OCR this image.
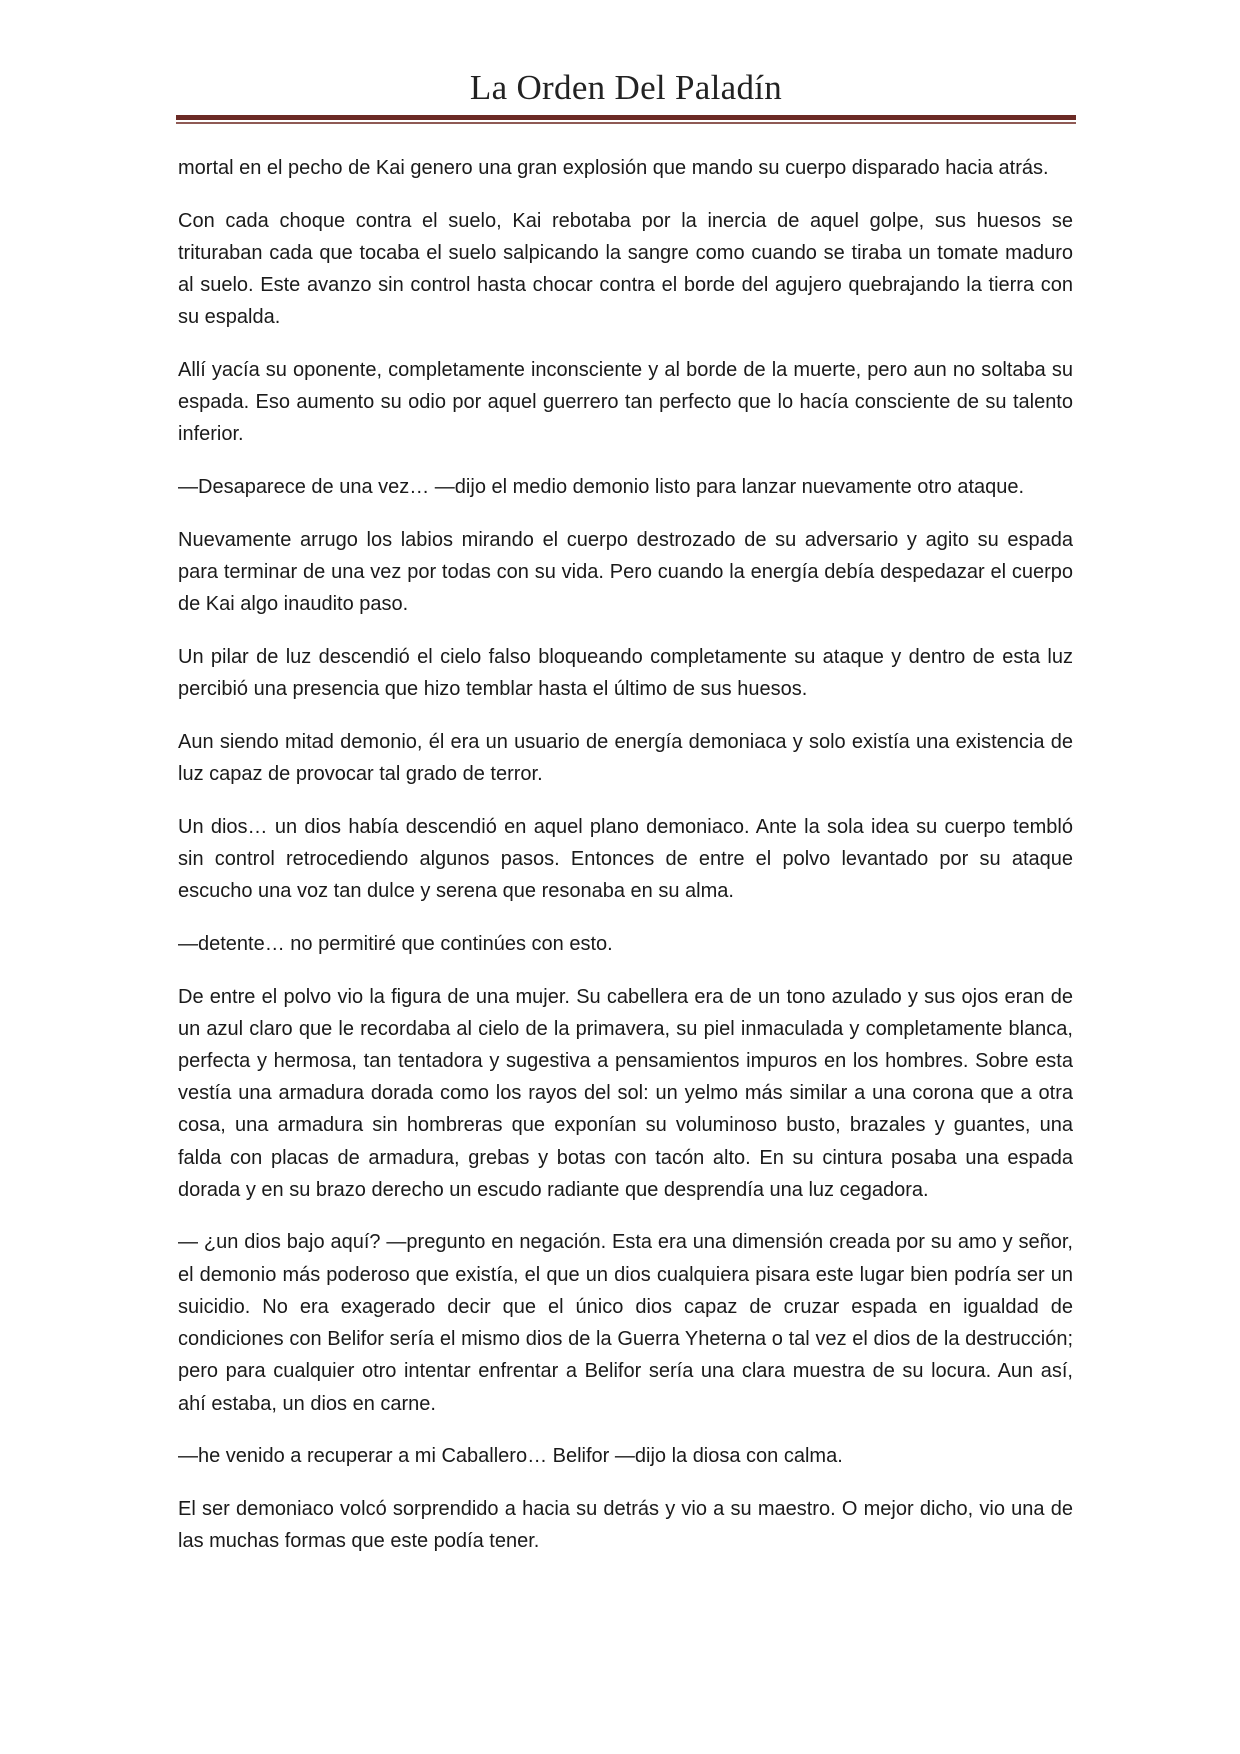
La Orden Del Paladín

mortal en el pecho de Kai genero una gran explosión que mando su cuerpo disparado hacia atrás.

Con cada choque contra el suelo, Kai rebotaba por la inercia de aquel golpe, sus huesos se trituraban cada que tocaba el suelo salpicando la sangre como cuando se tiraba un tomate maduro al suelo. Este avanzo sin control hasta chocar contra el borde del agujero quebrajando la tierra con su espalda.

Allí yacía su oponente, completamente inconsciente y al borde de la muerte, pero aun no soltaba su espada. Eso aumento su odio por aquel guerrero tan perfecto que lo hacía consciente de su talento inferior.

—Desaparece de una vez… —dijo el medio demonio listo para lanzar nuevamente otro ataque.

Nuevamente arrugo los labios mirando el cuerpo destrozado de su adversario y agito su espada para terminar de una vez por todas con su vida. Pero cuando la energía debía despedazar el cuerpo de Kai algo inaudito paso.

Un pilar de luz descendió el cielo falso bloqueando completamente su ataque y dentro de esta luz percibió una presencia que hizo temblar hasta el último de sus huesos.

Aun siendo mitad demonio, él era un usuario de energía demoniaca y solo existía una existencia de luz capaz de provocar tal grado de terror.

Un dios… un dios había descendió en aquel plano demoniaco. Ante la sola idea su cuerpo tembló sin control retrocediendo algunos pasos. Entonces de entre el polvo levantado por su ataque escucho una voz tan dulce y serena que resonaba en su alma.

—detente… no permitiré que continúes con esto.

De entre el polvo vio la figura de una mujer. Su cabellera era de un tono azulado y sus ojos eran de un azul claro que le recordaba al cielo de la primavera, su piel inmaculada y completamente blanca, perfecta y hermosa, tan tentadora y sugestiva a pensamientos impuros en los hombres. Sobre esta vestía una armadura dorada como los rayos del sol: un yelmo más similar a una corona que a otra cosa, una armadura sin hombreras que exponían su voluminoso busto, brazales y guantes, una falda con placas de armadura, grebas y botas con tacón alto. En su cintura posaba una espada dorada y en su brazo derecho un escudo radiante que desprendía una luz cegadora.

— ¿un dios bajo aquí? —pregunto en negación. Esta era una dimensión creada por su amo y señor, el demonio más poderoso que existía, el que un dios cualquiera pisara este lugar bien podría ser un suicidio. No era exagerado decir que el único dios capaz de cruzar espada en igualdad de condiciones con Belifor sería el mismo dios de la Guerra Yheterna o tal vez el dios de la destrucción; pero para cualquier otro intentar enfrentar a Belifor sería una clara muestra de su locura. Aun así, ahí estaba, un dios en carne.

—he venido a recuperar a mi Caballero… Belifor —dijo la diosa con calma.

El ser demoniaco volcó sorprendido a hacia su detrás y vio a su maestro. O mejor dicho, vio una de las muchas formas que este podía tener.
